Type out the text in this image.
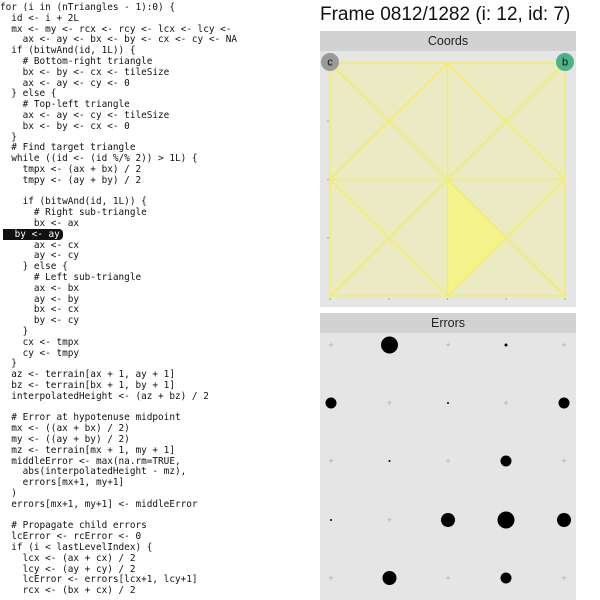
for (i in (nTriangles - 1):0) {
id <- i + 2L
mx <- my <- rcx <- rcy <- lcx <- lcy <-
ax <- ay <- bx <- by <- cx <- cy <- NA
if (bitwAnd(id, 1L)) {
# Bottom-right triangle
bx <- by <- cx <- tileSize
ax <- ay <- cy <- 0
} else {
# Top-left triangle
ax <- ay <- cy <- tileSize
bx <- by <- cx <- 0
}
# Find target triangle
while ((id <- (id %/% 2)) > 1L) {
tmpx <- (ax + bx) / 2
tmpy <- (ay + by) / 2
if (bitwAnd(id, 1L)) {
# Right sub-triangle
bx <- ax
by <- ay
ax <- cx
ay <- cy
} else {
# Left sub-triangle
ax <- bx
ay <- by
bx <- cx
by <- cy
}
cx <- tmpx
cy <- tmpy
}
az <- terrain[ax + 1, ay + 1]
bz <- terrain[bx + 1, by + 1]
interpolatedHeight <- (az + bz) / 2
# Error at hypotenuse midpoint
mx <- ((ax + bx) / 2)
my <- ((ay + by) / 2)
mz <- terrain[mx + 1, my + 1]
middleError <- max(na.rm=TRUE,
abs(interpolatedHeight - mz),
errors[mx+1, my+1]
)
errors[mx+1, my+1] <- middleError
# Propagate child errors
lcError <- rcError <- 0
if (i < lastLevelIndex) {
lcx <- (ax + cx) / 2
lcy <- (ay + cy) / 2
lcError <- errors[lcx+1, lcy+1]
rcx <- (bx + cx) / 2
Frame 0812/1282 (i: 12, id: 7)
Coords
c	b
Errors
+	+	+
+	+
+	+	+
+
+	+	+
